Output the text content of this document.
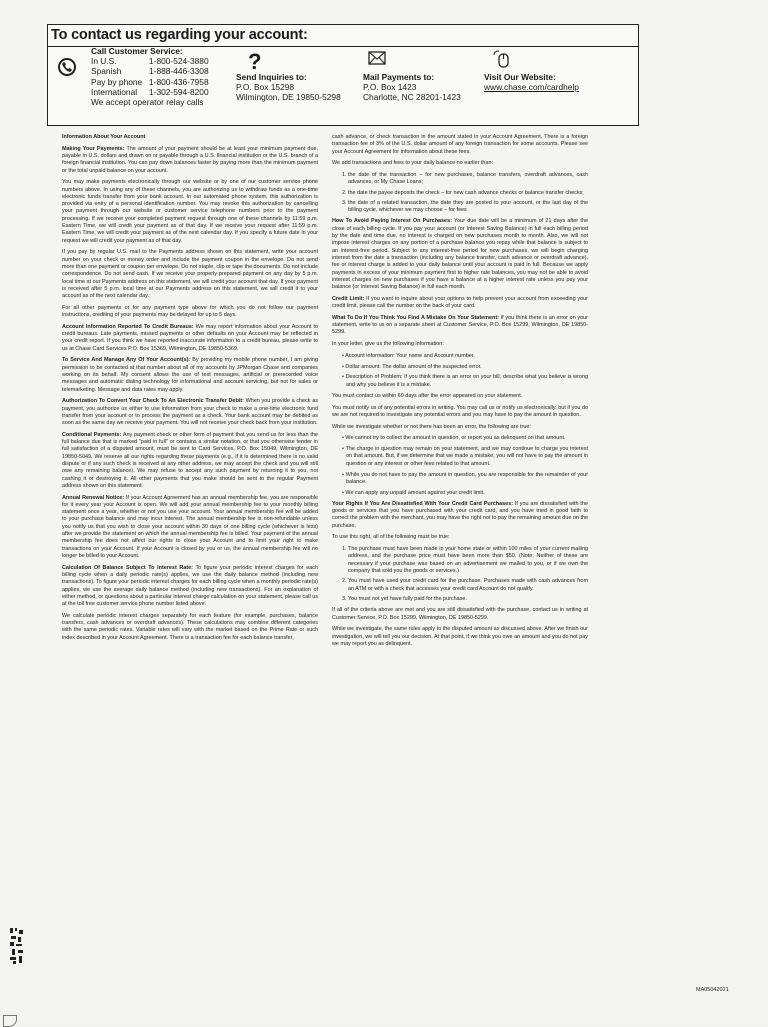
To contact us regarding your account:
Call Customer Service:
In U.S.	1-800-524-3880
Spanish	1-888-446-3308
Pay by phone 1-800-436-7958
International	1-302-594-8200
We accept operator relay calls
?
Send Inquiries to:
P.O. Box 15298
Wilmington, DE 19850-5298
Mail Payments to:
P.O. Box 1423
Charlotte, NC 28201-1423
Visit Our Website:
www.chase.com/cardhelp

Information About Your Account

Making Your Payments: The amount of your payment should be at least your minimum payment due, payable in U.S. dollars and drawn on or payable through a U.S. financial institution or the U.S. branch of a foreign financial institution. You can pay down balances faster by paying more than the minimum payment or the total unpaid balance on your account.

You may make payments electronically through our website or by one of our customer service phone numbers above. In using any of these channels, you are authorizing us to withdraw funds as a one-time electronic funds transfer from your bank account. In our automated phone system, this authorization is provided via entry of a personal identification number. You may revoke this authorization by cancelling your payment through our website or customer service telephone numbers prior to the payment processing. If we receive your completed payment request through one of these channels by 11:59 p.m. Eastern Time, we will credit your payment as of that day. If we receive your request after 11:59 p.m. Eastern Time, we will credit your payment as of the next calendar day. If you specify a future date in your request we will credit your payment as of that day.

If you pay by regular U.S. mail to the Payments address shown on this statement, write your account number on your check or money order and include the payment coupon in the envelope. Do not send more than one payment or coupon per envelope. Do not staple, clip or tape the documents. Do not include correspondence. Do not send cash. If we receive your properly prepared payment on any day by 5 p.m. local time at our Payments address on this statement, we will credit your account that day. If your payment is received after 5 p.m. local time at our Payments address on this statement, we will credit it to your account as of the next calendar day.

For all other payments or for any payment type above for which you do not follow our payment instructions, crediting of your payments may be delayed for up to 5 days.

Account Information Reported To Credit Bureaus: We may report information about your Account to credit bureaus. Late payments, missed payments or other defaults on your Account may be reflected in your credit report. If you think we have reported inaccurate information to a credit bureau, please write to us at Chase Card Services P.O. Box 15369, Wilmington, DE 19850-5369.

To Service And Manage Any Of Your Account(s): By providing my mobile phone number, I am giving permission to be contacted at that number about all of my accounts by JPMorgan Chase and companies working on its behalf. My consent allows the use of text messages, artificial or prerecorded voice messages and automatic dialing technology for informational and account servicing, but not for sales or telemarketing. Message and data rates may apply.

Authorization To Convert Your Check To An Electronic Transfer Debit: When you provide a check as payment, you authorize us either to use information from your check to make a one-time electronic fund transfer from your account or to process the payment as a check. Your bank account may be debited as soon as the same day we receive your payment. You will not receive your check back from your institution.

Conditional Payments: Any payment check or other form of payment that you send us for less than the full balance due that is marked "paid in full" or contains a similar notation, or that you otherwise tender in full satisfaction of a disputed amount, must be sent to Card Services, P.O. Box 15049, Wilmington, DE 19850-5049. We reserve all our rights regarding these payments (e.g., if it is determined there is no valid dispute or if any such check is received at any other address, we may accept the check and you will still owe any remaining balance). We may refuse to accept any such payment by returning it to you, not cashing it or destroying it. All other payments that you make should be sent to the regular Payment address shown on this statement.

Annual Renewal Notice: If your Account Agreement has an annual membership fee, you are responsible for it every year your Account is open. We will add your annual membership fee to your monthly billing statement once a year, whether or not you use your account. Your annual membership fee will be added to your purchase balance and may incur interest. The annual membership fee is non-refundable unless you notify us that you wish to close your account within 30 days or one billing cycle (whichever is less) after we provide the statement on which the annual membership fee is billed. Your payment of the annual membership fee does not affect our rights to close your Account and to limit your right to make transactions on your Account. If your Account is closed by you or us, the annual membership fee will no longer be billed to your Account.

Calculation Of Balance Subject To Interest Rate: To figure your periodic interest charges for each billing cycle when a daily periodic rate(s) applies, we use the daily balance method (including new transactions). To figure your periodic interest charges for each billing cycle when a monthly periodic rate(s) applies, we use the average daily balance method (including new transactions). For an explanation of either method, or questions about a particular interest charge calculation on your statement, please call us at the toll free customer service phone number listed above.

We calculate periodic interest charges separately for each feature (for example, purchases, balance transfers, cash advances or overdraft advances). These calculations may combine different categories with the same periodic rates. Variable rates will vary with the market based on the Prime Rate or such index described in your Account Agreement. There is a transaction fee for each balance transfer,

cash advance, or check transaction in the amount stated in your Account Agreement. There is a foreign transaction fee of 3% of the U.S. dollar amount of any foreign transaction for some accounts. Please see your Account Agreement for information about these fees.

We add transactions and fees to your daily balance no earlier than:

1. the date of the transaction – for new purchases, balance transfers, overdraft advances, cash advances, or My Chase Loans;
2. the date the payee deposits the check – for new cash advance checks or balance transfer checks;
3. the date of a related transaction, the date they are posted to your account, or the last day of the billing cycle, whichever we may choose – for fees

How To Avoid Paying Interest On Purchases: Your due date will be a minimum of 21 days after the close of each billing cycle. If you pay your account (or Interest Saving Balance) in full each billing period by the date and time due, no interest is charged on new purchases month to month. Also, we will not impose interest charges on any portion of a purchase balance you repay while that balance is subject to an interest-free period. Subject to any interest-free period for new purchases, we will begin charging interest from the date a transaction (including any balance transfer, cash advance or overdraft advance), fee or interest charge is added to your daily balance until your account is paid in full. Because we apply payments in excess of your minimum payment first to higher rate balances, you may not be able to avoid interest charges on new purchases if you have a balance at a higher interest rate unless you pay your balance (or Interest Saving Balance) in full each month.

Credit Limit: If you want to inquire about your options to help prevent your account from exceeding your credit limit, please call the number on the back of your card.

What To Do If You Think You Find A Mistake On Your Statement: If you think there is an error on your statement, write to us on a separate sheet at Customer Service, P.O. Box 15299, Wilmington, DE 19850-5299.

In your letter, give us the following information:

• Account information: Your name and Account number.
• Dollar amount: The dollar amount of the suspected error.
• Description of Problem: If you think there is an error on your bill, describe what you believe is wrong and why you believe it is a mistake.

You must contact us within 60 days after the error appeared on your statement.

You must notify us of any potential errors in writing. You may call us or notify us electronically, but if you do we are not required to investigate any potential errors and you may have to pay the amount in question.

While we investigate whether or not there has been an error, the following are true:

• We cannot try to collect the amount in question, or report you as delinquent on that amount.
• The charge in question may remain on your statement, and we may continue to charge you interest on that amount. But, if we determine that we made a mistake, you will not have to pay the amount in question or any interest or other fees related to that amount.
• While you do not have to pay the amount in question, you are responsible for the remainder of your balance.
• We can apply any unpaid amount against your credit limit.

Your Rights If You Are Dissatisfied With Your Credit Card Purchases: If you are dissatisfied with the goods or services that you have purchased with your credit card, and you have tried in good faith to correct the problem with the merchant, you may have the right not to pay the remaining amount due on the purchase.

To use this right, all of the following must be true:

1. The purchase must have been made in your home state or within 100 miles of your current mailing address, and the purchase price must have been more than $50. (Note: Neither of these are necessary if your purchase was based on an advertisement we mailed to you, or if we own the company that sold you the goods or services.)
2. You must have used your credit card for the purchase. Purchases made with cash advances from an ATM or with a check that accesses your credit card Account do not qualify.
3. You must not yet have fully paid for the purchase.

If all of the criteria above are met and you are still dissatisfied with the purchase, contact us in writing at Customer Service, P.O. Box 15299, Wilmington, DE 19850-5299.

While we investigate, the same rules apply to the disputed amount as discussed above. After we finish our investigation, we will tell you our decision. At that point, if we think you owe an amount and you do not pay we may report you as delinquent.

MA05042021
